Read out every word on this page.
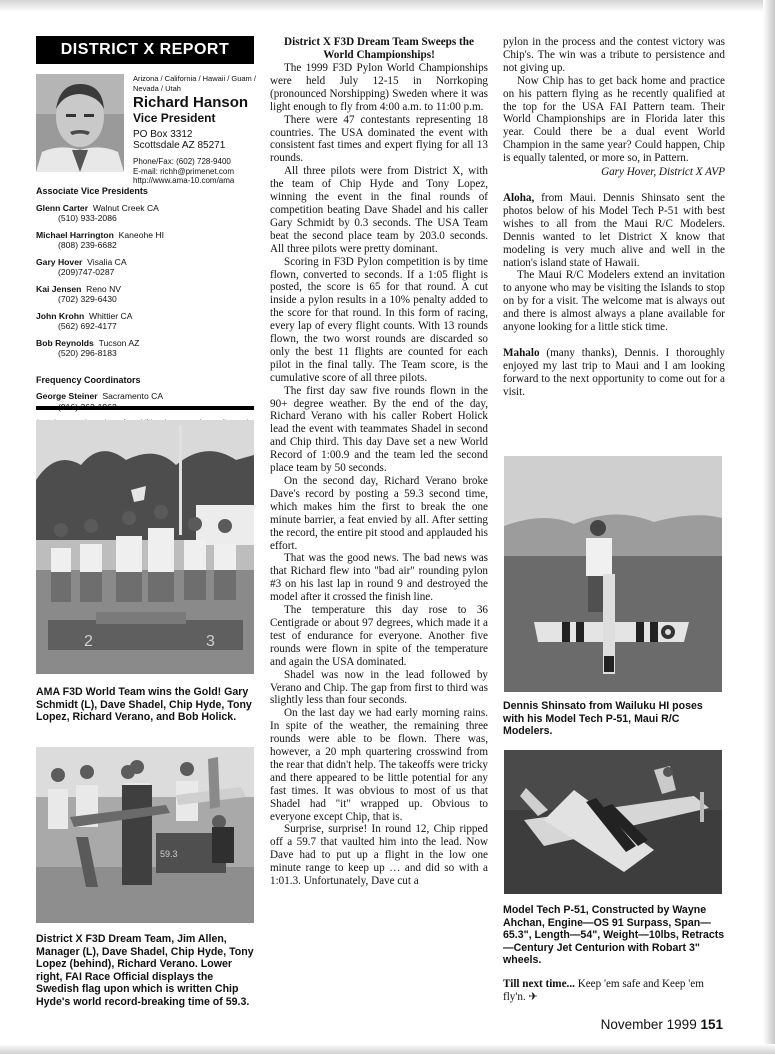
DISTRICT X REPORT
Arizona / California / Hawaii / Guam / Nevada / Utah
Richard Hanson
Vice President
PO Box 3312
Scottsdale AZ 85271
Phone/Fax: (602) 728-9400
E-mail: richh@primenet.com
http://www.ama-10.com/ama
Associate Vice Presidents
Glenn Carter Walnut Creek CA
(510) 933-2086
Michael Harrington Kaneohe HI
(808) 239-6682
Gary Hover Visalia CA
(209)747-0287
Kai Jensen Reno NV
(702) 329-6430
John Krohn Whittier CA
(562) 692-4177
Bob Reynolds Tucson AZ
(520) 296-8183
Frequency Coordinators
George Steiner Sacramento CA
2	3
AMA F3D World Team wins the Gold! Gary Schmidt (L), Dave Shadel, Chip Hyde, Tony Lopez, Richard Verano, and Bob Holick.
59.3
District X F3D Dream Team, Jim Allen, Manager (L), Dave Shadel, Chip Hyde, Tony Lopez (behind), Richard Verano. Lower right, FAI Race Official displays the Swedish flag upon which is written Chip Hyde's world record-breaking time of 59.3.
District X F3D Dream Team Sweeps the World Championships!

The 1999 F3D Pylon World Championships were held July 12-15 in Norrkoping (pronounced Norshipping) Sweden where it was light enough to fly from 4:00 a.m. to 11:00 p.m.

There were 47 contestants representing 18 countries. The USA dominated the event with consistent fast times and expert flying for all 13 rounds.

All three pilots were from District X, with the team of Chip Hyde and Tony Lopez, winning the event in the final rounds of competition beating Dave Shadel and his caller Gary Schmidt by 0.3 seconds. The USA Team beat the second place team by 203.0 seconds. All three pilots were pretty dominant.

Scoring in F3D Pylon competition is by time flown, converted to seconds. If a 1:05 flight is posted, the score is 65 for that round. A cut inside a pylon results in a 10% penalty added to the score for that round. In this form of racing, every lap of every flight counts. With 13 rounds flown, the two worst rounds are discarded so only the best 11 flights are counted for each pilot in the final tally. The Team score, is the cumulative score of all three pilots.

The first day saw five rounds flown in the 90+ degree weather. By the end of the day, Richard Verano with his caller Robert Holick lead the event with teammates Shadel in second and Chip third. This day Dave set a new World Record of 1:00.9 and the team led the second place team by 50 seconds.

On the second day, Richard Verano broke Dave's record by posting a 59.3 second time, which makes him the first to break the one minute barrier, a feat envied by all. After setting the record, the entire pit stood and applauded his effort.

That was the good news. The bad news was that Richard flew into "bad air" rounding pylon #3 on his last lap in round 9 and destroyed the model after it crossed the finish line.

The temperature this day rose to 36 Centigrade or about 97 degrees, which made it a test of endurance for everyone. Another five rounds were flown in spite of the temperature and again the USA dominated.

Shadel was now in the lead followed by Verano and Chip. The gap from first to third was slightly less than four seconds.

On the last day we had early morning rains. In spite of the weather, the remaining three rounds were able to be flown. There was, however, a 20 mph quartering crosswind from the rear that didn't help. The takeoffs were tricky and there appeared to be little potential for any fast times. It was obvious to most of us that Shadel had "it" wrapped up. Obvious to everyone except Chip, that is.

Surprise, surprise! In round 12, Chip ripped off a 59.7 that vaulted him into the lead. Now Dave had to put up a flight in the low one minute range to keep up … and did so with a 1:01.3. Unfortunately, Dave cut a

pylon in the process and the contest victory was Chip's. The win was a tribute to persistence and not giving up.

Now Chip has to get back home and practice on his pattern flying as he recently qualified at the top for the USA FAI Pattern team. Their World Championships are in Florida later this year. Could there be a dual event World Champion in the same year? Could happen, Chip is equally talented, or more so, in Pattern.

Gary Hover, District X AVP

Aloha, from Maui. Dennis Shinsato sent the photos below of his Model Tech P-51 with best wishes to all from the Maui R/C Modelers. Dennis wanted to let District X know that modeling is very much alive and well in the nation's island state of Hawaii.

The Maui R/C Modelers extend an invitation to anyone who may be visiting the Islands to stop on by for a visit. The welcome mat is always out and there is almost always a plane available for anyone looking for a little stick time.

Mahalo (many thanks), Dennis. I thoroughly enjoyed my last trip to Maui and I am looking forward to the next opportunity to come out for a visit.

Dennis Shinsato from Wailuku HI poses with his Model Tech P-51, Maui R/C Modelers.
Model Tech P-51, Constructed by Wayne Ahchan, Engine—OS 91 Surpass, Span—65.3", Length—54", Weight—10lbs, Retracts—Century Jet Centurion with Robart 3" wheels.
Till next time... Keep 'em safe and Keep 'em fly'n. ✈
November 1999 151
